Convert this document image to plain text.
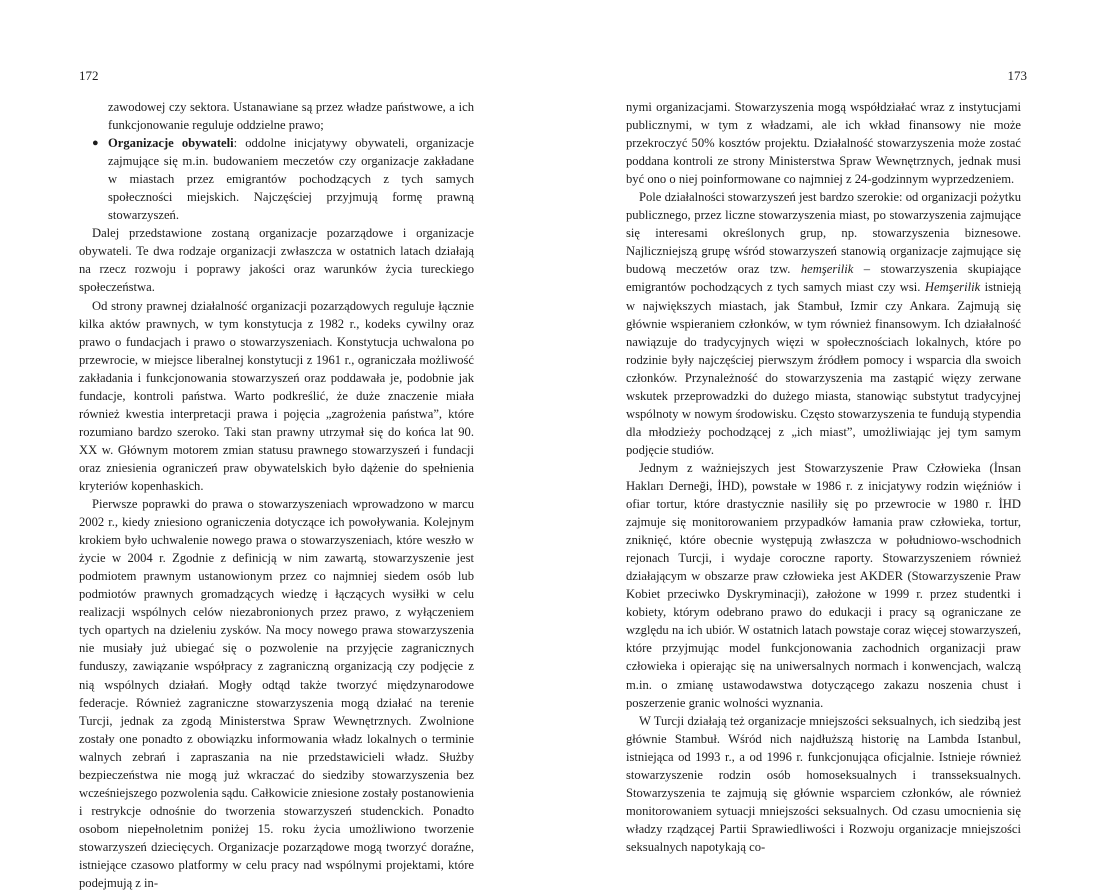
172

zawodowej czy sektora. Ustanawiane są przez władze państwowe, a ich funkcjonowanie reguluje oddzielne prawo;

● Organizacje obywateli: oddolne inicjatywy obywateli, organizacje zajmujące się m.in. budowaniem meczetów czy organizacje zakładane w miastach przez emigrantów pochodzących z tych samych społeczności miejskich. Najczęściej przyjmują formę prawną stowarzyszeń.

Dalej przedstawione zostaną organizacje pozarządowe i organizacje obywateli. Te dwa rodzaje organizacji zwłaszcza w ostatnich latach działają na rzecz rozwoju i poprawy jakości oraz warunków życia tureckiego społeczeństwa.

Od strony prawnej działalność organizacji pozarządowych reguluje łącznie kilka aktów prawnych, w tym konstytucja z 1982 r., kodeks cywilny oraz prawo o fundacjach i prawo o stowarzyszeniach. Konstytucja uchwalona po przewrocie, w miejsce liberalnej konstytucji z 1961 r., ograniczała możliwość zakładania i funkcjonowania stowarzyszeń oraz poddawała je, podobnie jak fundacje, kontroli państwa. Warto podkreślić, że duże znaczenie miała również kwestia interpretacji prawa i pojęcia „zagrożenia państwa”, które rozumiano bardzo szeroko. Taki stan prawny utrzymał się do końca lat 90. XX w. Głównym motorem zmian statusu prawnego stowarzyszeń i fundacji oraz zniesienia ograniczeń praw obywatelskich było dążenie do spełnienia kryteriów kopenhaskich.

Pierwsze poprawki do prawa o stowarzyszeniach wprowadzono w marcu 2002 r., kiedy zniesiono ograniczenia dotyczące ich powoływania. Kolejnym krokiem było uchwalenie nowego prawa o stowarzyszeniach, które weszło w życie w 2004 r. Zgodnie z definicją w nim zawartą, stowarzyszenie jest podmiotem prawnym ustanowionym przez co najmniej siedem osób lub podmiotów prawnych gromadzących wiedzę i łączących wysiłki w celu realizacji wspólnych celów niezabronionych przez prawo, z wyłączeniem tych opartych na dzieleniu zysków. Na mocy nowego prawa stowarzyszenia nie musiały już ubiegać się o pozwolenie na przyjęcie zagranicznych funduszy, zawiązanie współpracy z zagraniczną organizacją czy podjęcie z nią wspólnych działań. Mogły odtąd także tworzyć międzynarodowe federacje. Również zagraniczne stowarzyszenia mogą działać na terenie Turcji, jednak za zgodą Ministerstwa Spraw Wewnętrznych. Zwolnione zostały one ponadto z obowiązku informowania władz lokalnych o terminie walnych zebrań i zapraszania na nie przedstawicieli władz. Służby bezpieczeństwa nie mogą już wkraczać do siedziby stowarzyszenia bez wcześniejszego pozwolenia sądu. Całkowicie zniesione zostały postanowienia i restrykcje odnośnie do tworzenia stowarzyszeń studenckich. Ponadto osobom niepełnoletnim poniżej 15. roku życia umożliwiono tworzenie stowarzyszeń dziecięcych. Organizacje pozarządowe mogą tworzyć doraźne, istniejące czasowo platformy w celu pracy nad wspólnymi projektami, które podejmują z in-

173

nymi organizacjami. Stowarzyszenia mogą współdziałać wraz z instytucjami publicznymi, w tym z władzami, ale ich wkład finansowy nie może przekroczyć 50% kosztów projektu. Działalność stowarzyszenia może zostać poddana kontroli ze strony Ministerstwa Spraw Wewnętrznych, jednak musi być ono o niej poinformowane co najmniej z 24-godzinnym wyprzedzeniem.

Pole działalności stowarzyszeń jest bardzo szerokie: od organizacji pożytku publicznego, przez liczne stowarzyszenia miast, po stowarzyszenia zajmujące się interesami określonych grup, np. stowarzyszenia biznesowe. Najliczniejszą grupę wśród stowarzyszeń stanowią organizacje zajmujące się budową meczetów oraz tzw. hemşerilik – stowarzyszenia skupiające emigrantów pochodzących z tych samych miast czy wsi. Hemşerilik istnieją w największych miastach, jak Stambuł, Izmir czy Ankara. Zajmują się głównie wspieraniem członków, w tym również finansowym. Ich działalność nawiązuje do tradycyjnych więzi w społecznościach lokalnych, które po rodzinie były najczęściej pierwszym źródłem pomocy i wsparcia dla swoich członków. Przynależność do stowarzyszenia ma zastąpić więzy zerwane wskutek przeprowadzki do dużego miasta, stanowiąc substytut tradycyjnej wspólnoty w nowym środowisku. Często stowarzyszenia te fundują stypendia dla młodzieży pochodzącej z „ich miast”, umożliwiając jej tym samym podjęcie studiów.

Jednym z ważniejszych jest Stowarzyszenie Praw Człowieka (İnsan Hakları Derneği, İHD), powstałe w 1986 r. z inicjatywy rodzin więźniów i ofiar tortur, które drastycznie nasiliły się po przewrocie w 1980 r. İHD zajmuje się monitorowaniem przypadków łamania praw człowieka, tortur, zniknięć, które obecnie występują zwłaszcza w południowo-wschodnich rejonach Turcji, i wydaje coroczne raporty. Stowarzyszeniem również działającym w obszarze praw człowieka jest AKDER (Stowarzyszenie Praw Kobiet przeciwko Dyskryminacji), założone w 1999 r. przez studentki i kobiety, którym odebrano prawo do edukacji i pracy są ograniczane ze względu na ich ubiór. W ostatnich latach powstaje coraz więcej stowarzyszeń, które przyjmując model funkcjonowania zachodnich organizacji praw człowieka i opierając się na uniwersalnych normach i konwencjach, walczą m.in. o zmianę ustawodawstwa dotyczącego zakazu noszenia chust i poszerzenie granic wolności wyznania.

W Turcji działają też organizacje mniejszości seksualnych, ich siedzibą jest głównie Stambuł. Wśród nich najdłuższą historię na Lambda Istanbul, istniejąca od 1993 r., a od 1996 r. funkcjonująca oficjalnie. Istnieje również stowarzyszenie rodzin osób homoseksualnych i transseksualnych. Stowarzyszenia te zajmują się głównie wsparciem członków, ale również monitorowaniem sytuacji mniejszości seksualnych. Od czasu umocnienia się władzy rządzącej Partii Sprawiedliwości i Rozwoju organizacje mniejszości seksualnych napotykają co-
